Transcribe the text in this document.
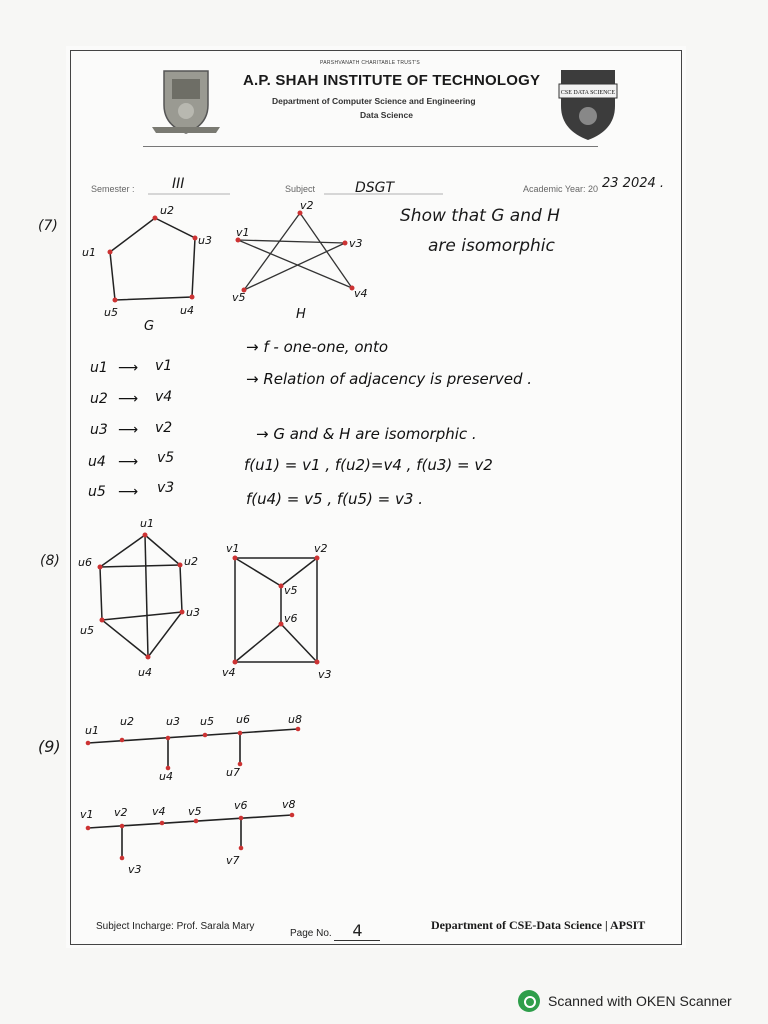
PARSHVANATH CHARITABLE TRUST'S
A.P. SHAH INSTITUTE OF TECHNOLOGY
Department of Computer Science and Engineering
Data Science
CSE DATA SCIENCE
Semester :	III	Subject	DSGT	Academic Year: 20 23 2024 .
(7)	Show that G and H
are isomorphic
u2
u3
u4
u5
u1
v1
v2
v3
v4
v5
G
H
u1 ⟶ v1
u2 ⟶ v4
u3 ⟶ v2
u4 ⟶ v5
u5 ⟶ v3
→ f - one-one, onto
→ Relation of adjacency is preserved .
→ G and & H are isomorphic .
f(u1) = v1 , f(u2)=v4 , f(u3) = v2
f(u4) = v5 , f(u5) = v3 .
(8)
u1
u2
u3
u4
u5
u6
v1	v2
v3
v4
v5
v6
(9)
u1
u2	u3 u5 u6	u8
u4	u7
v1 v2 v4 v5	v6	v8
v3
v7
Subject Incharge: Prof. Sarala Mary
Page No. 4	Department of CSE-Data Science | APSIT
Scanned with OKEN Scanner
